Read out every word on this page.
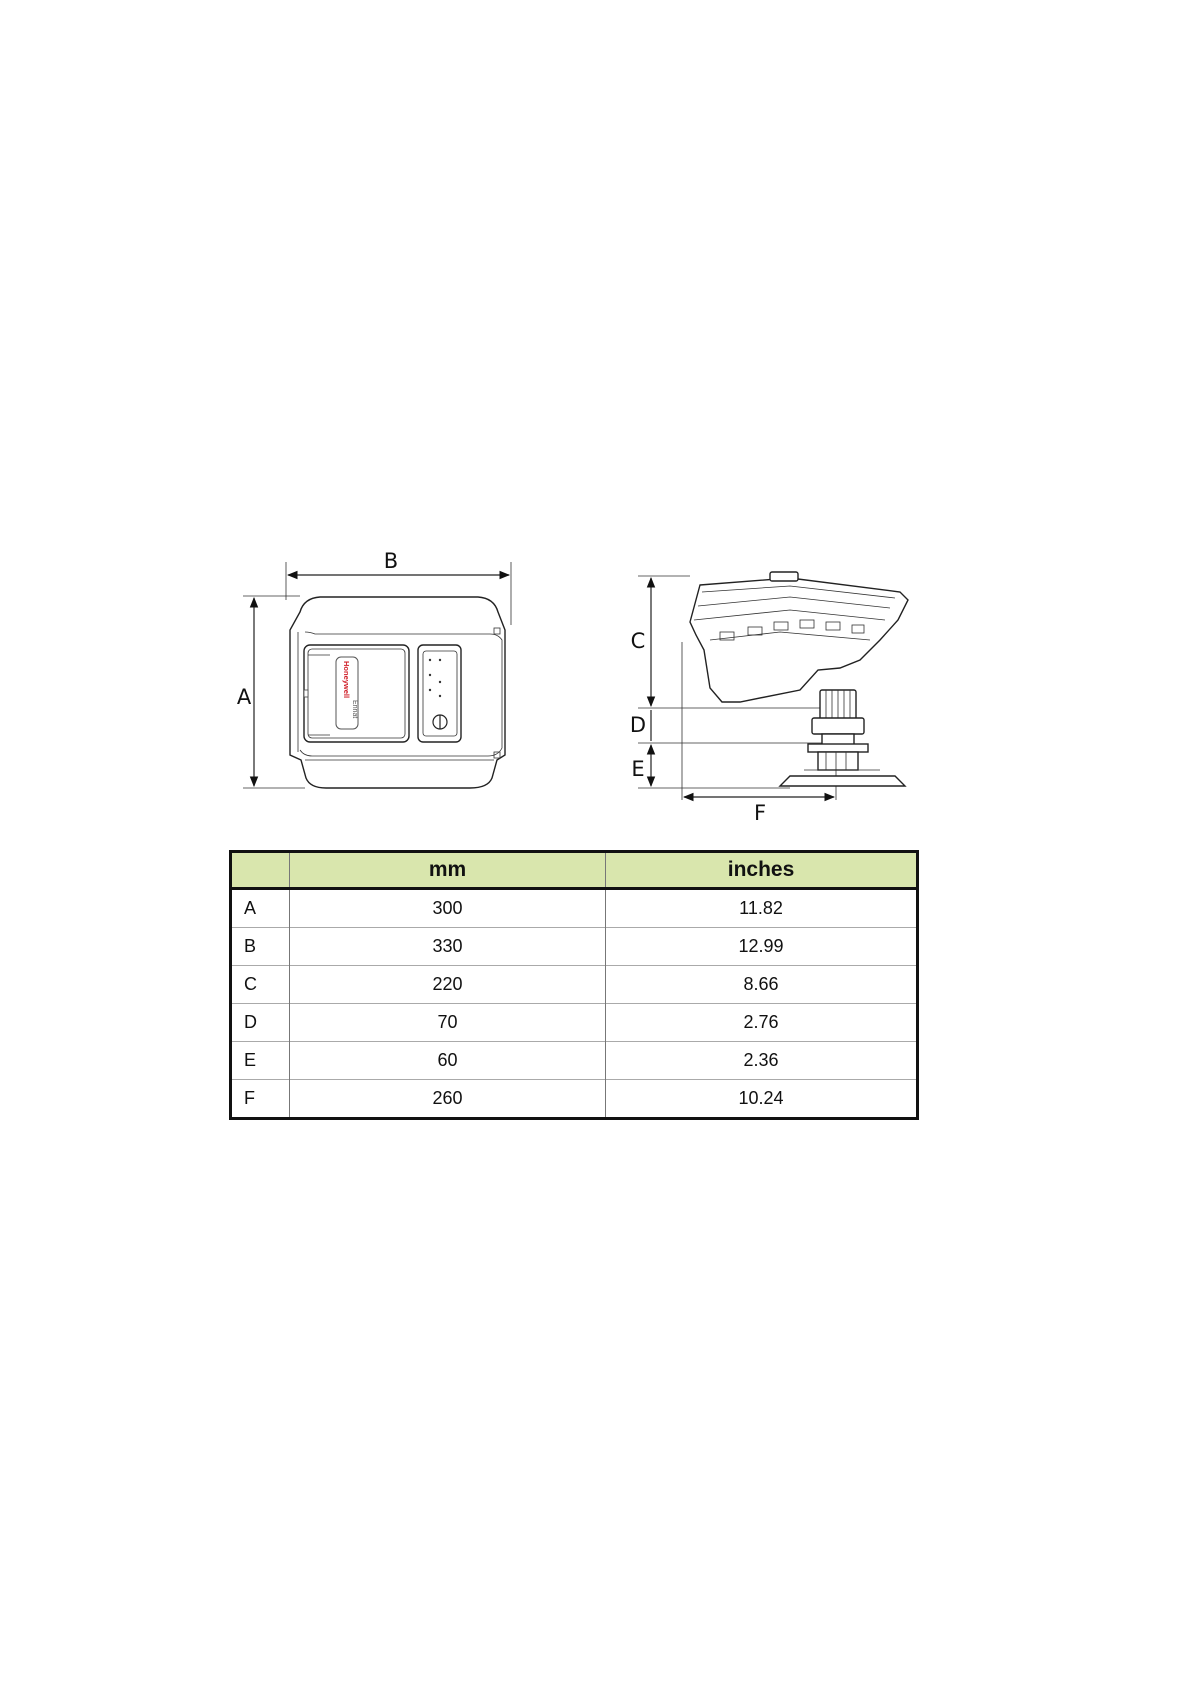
B
A	Honeywell
Ennat
C
D
E
F
	mm	inches
A	300	11.82
B	330	12.99
C	220	8.66
D	70	2.76
E	60	2.36
F	260	10.24
